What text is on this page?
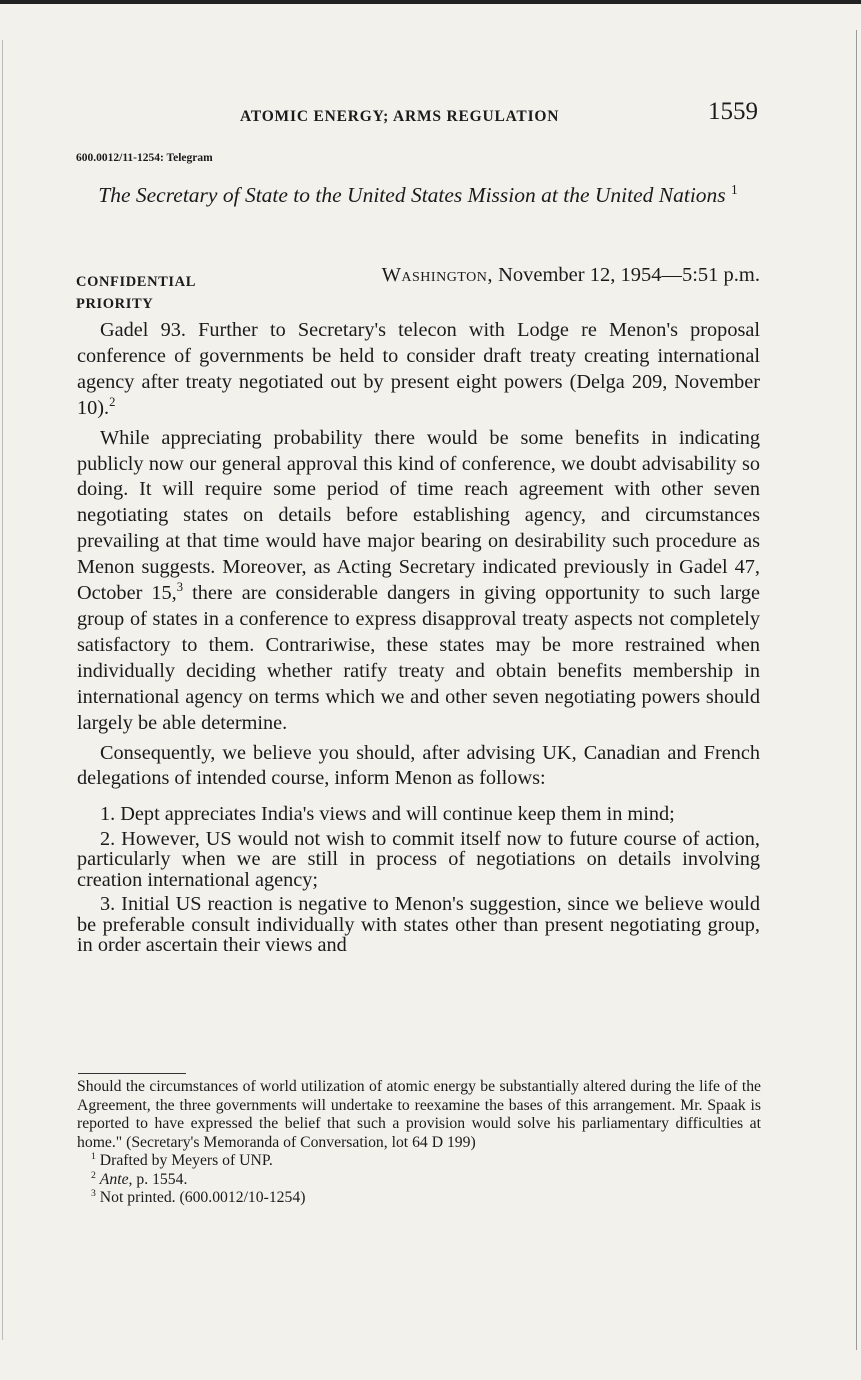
ATOMIC ENERGY; ARMS REGULATION	1559
600.0012/11-1254: Telegram
The Secretary of State to the United States Mission at the United Nations $^1$
CONFIDENTIAL
PRIORITY
Washington, November 12, 1954—5:51 p.m.

Gadel 93. Further to Secretary's telecon with Lodge re Menon's proposal conference of governments be held to consider draft treaty creating international agency after treaty negotiated out by present eight powers (Delga 209, November 10).$^2$

While appreciating probability there would be some benefits in indicating publicly now our general approval this kind of conference, we doubt advisability so doing. It will require some period of time reach agreement with other seven negotiating states on details before establishing agency, and circumstances prevailing at that time would have major bearing on desirability such procedure as Menon suggests. Moreover, as Acting Secretary indicated previously in Gadel 47, October 15,$^3$ there are considerable dangers in giving opportunity to such large group of states in a conference to express disapproval treaty aspects not completely satisfactory to them. Contrariwise, these states may be more restrained when individually deciding whether ratify treaty and obtain benefits membership in international agency on terms which we and other seven negotiating powers should largely be able determine.

Consequently, we believe you should, after advising UK, Canadian and French delegations of intended course, inform Menon as follows:

1. Dept appreciates India's views and will continue keep them in mind;

2. However, US would not wish to commit itself now to future course of action, particularly when we are still in process of negotiations on details involving creation international agency;

3. Initial US reaction is negative to Menon's suggestion, since we believe would be preferable consult individually with states other than present negotiating group, in order ascertain their views and

Should the circumstances of world utilization of atomic energy be substantially altered during the life of the Agreement, the three governments will undertake to reexamine the bases of this arrangement. Mr. Spaak is reported to have expressed the belief that such a provision would solve his parliamentary difficulties at home." (Secretary's Memoranda of Conversation, lot 64 D 199)

$^1$ Drafted by Meyers of UNP.

$^2$ Ante, p. 1554.

$^3$ Not printed. (600.0012/10-1254)
